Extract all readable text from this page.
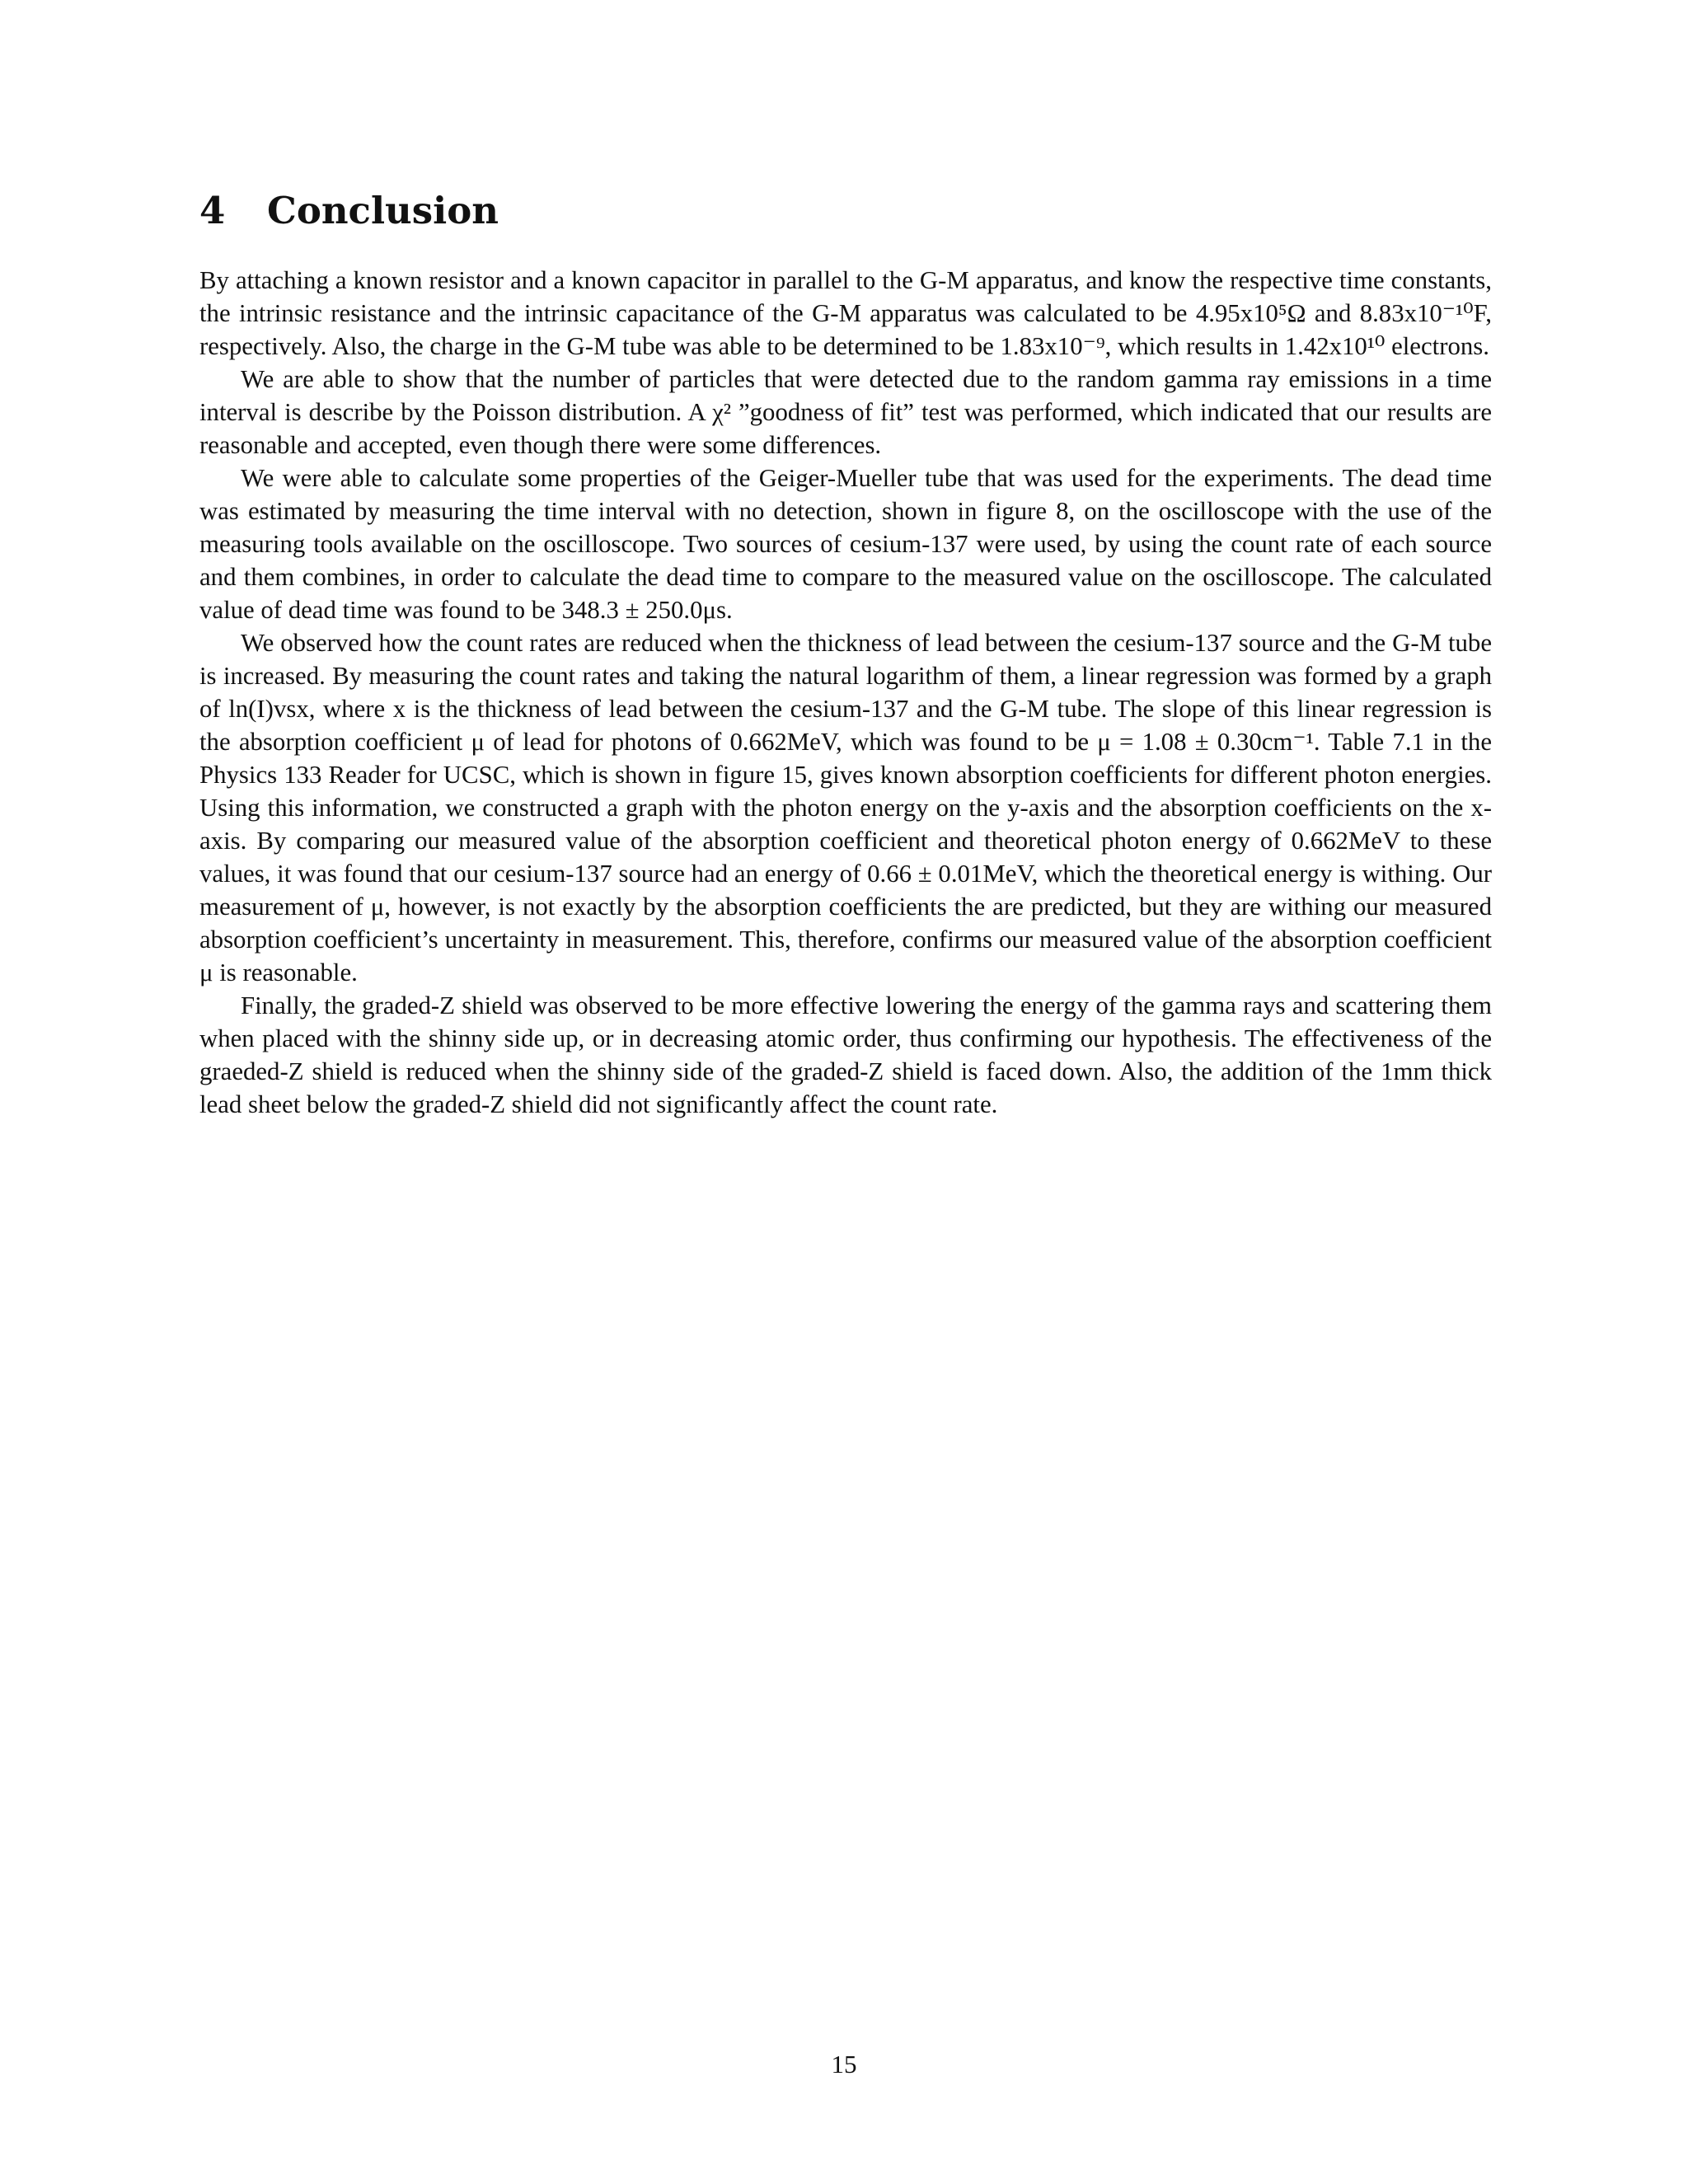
4 Conclusion

By attaching a known resistor and a known capacitor in parallel to the G-M apparatus, and know the respective time constants, the intrinsic resistance and the intrinsic capacitance of the G-M apparatus was calculated to be 4.95x10⁵Ω and 8.83x10⁻¹⁰F, respectively. Also, the charge in the G-M tube was able to be determined to be 1.83x10⁻⁹, which results in 1.42x10¹⁰ electrons.

We are able to show that the number of particles that were detected due to the random gamma ray emissions in a time interval is describe by the Poisson distribution. A χ² ”goodness of fit” test was performed, which indicated that our results are reasonable and accepted, even though there were some differences.

We were able to calculate some properties of the Geiger-Mueller tube that was used for the experiments. The dead time was estimated by measuring the time interval with no detection, shown in figure 8, on the oscilloscope with the use of the measuring tools available on the oscilloscope. Two sources of cesium-137 were used, by using the count rate of each source and them combines, in order to calculate the dead time to compare to the measured value on the oscilloscope. The calculated value of dead time was found to be 348.3 ± 250.0μs.

We observed how the count rates are reduced when the thickness of lead between the cesium-137 source and the G-M tube is increased. By measuring the count rates and taking the natural logarithm of them, a linear regression was formed by a graph of ln(I)vsx, where x is the thickness of lead between the cesium-137 and the G-M tube. The slope of this linear regression is the absorption coefficient μ of lead for photons of 0.662MeV, which was found to be μ = 1.08 ± 0.30cm⁻¹. Table 7.1 in the Physics 133 Reader for UCSC, which is shown in figure 15, gives known absorption coefficients for different photon energies. Using this information, we constructed a graph with the photon energy on the y-axis and the absorption coefficients on the x-axis. By comparing our measured value of the absorption coefficient and theoretical photon energy of 0.662MeV to these values, it was found that our cesium-137 source had an energy of 0.66 ± 0.01MeV, which the theoretical energy is withing. Our measurement of μ, however, is not exactly by the absorption coefficients the are predicted, but they are withing our measured absorption coefficient’s uncertainty in measurement. This, therefore, confirms our measured value of the absorption coefficient μ is reasonable.

Finally, the graded-Z shield was observed to be more effective lowering the energy of the gamma rays and scattering them when placed with the shinny side up, or in decreasing atomic order, thus confirming our hypothesis. The effectiveness of the graeded-Z shield is reduced when the shinny side of the graded-Z shield is faced down. Also, the addition of the 1mm thick lead sheet below the graded-Z shield did not significantly affect the count rate.

15
